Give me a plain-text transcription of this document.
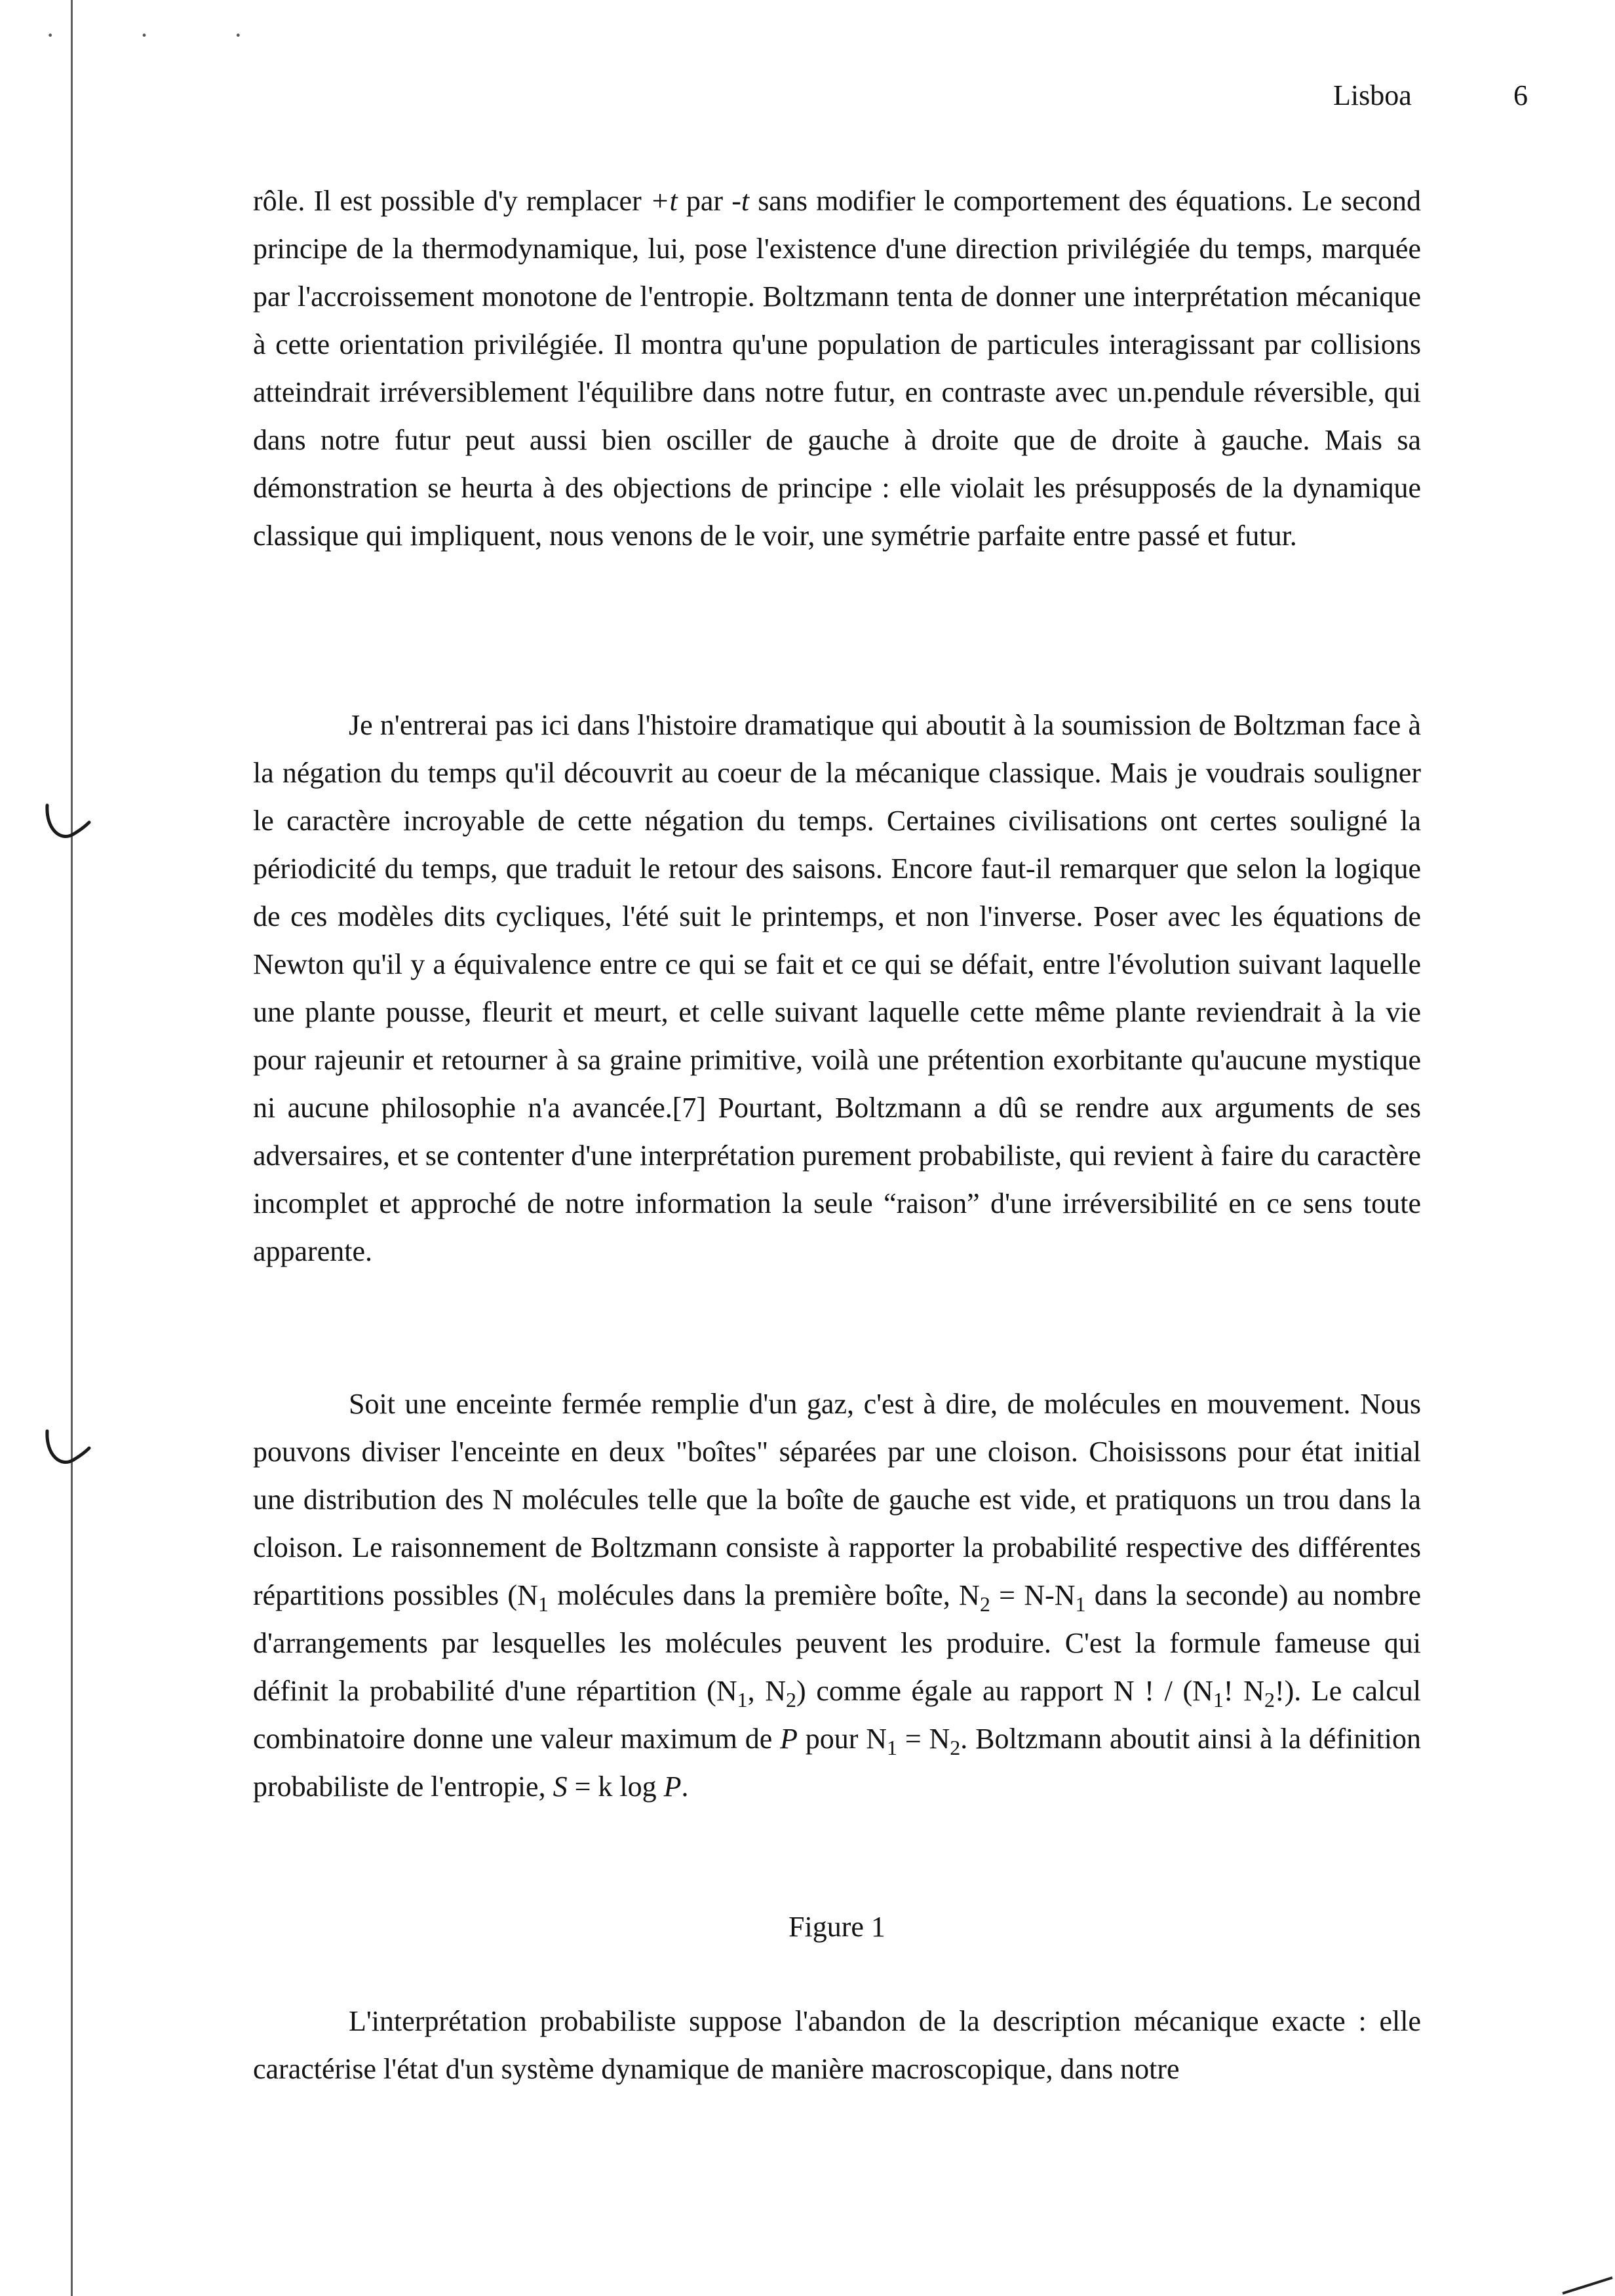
· · ·
Lisboa	6

rôle. Il est possible d'y remplacer +t par -t sans modifier le comportement des équations. Le second principe de la thermodynamique, lui, pose l'existence d'une direction privilégiée du temps, marquée par l'accroissement monotone de l'entropie. Boltzmann tenta de donner une interprétation mécanique à cette orientation privilégiée. Il montra qu'une population de particules interagissant par collisions atteindrait irréversiblement l'équilibre dans notre futur, en contraste avec un.pendule réversible, qui dans notre futur peut aussi bien osciller de gauche à droite que de droite à gauche. Mais sa démonstration se heurta à des objections de principe : elle violait les présupposés de la dynamique classique qui impliquent, nous venons de le voir, une symétrie parfaite entre passé et futur.

Je n'entrerai pas ici dans l'histoire dramatique qui aboutit à la soumission de Boltzman face à la négation du temps qu'il découvrit au coeur de la mécanique classique. Mais je voudrais souligner le caractère incroyable de cette négation du temps. Certaines civilisations ont certes souligné la périodicité du temps, que traduit le retour des saisons. Encore faut-il remarquer que selon la logique de ces modèles dits cycliques, l'été suit le printemps, et non l'inverse. Poser avec les équations de Newton qu'il y a équivalence entre ce qui se fait et ce qui se défait, entre l'évolution suivant laquelle une plante pousse, fleurit et meurt, et celle suivant laquelle cette même plante reviendrait à la vie pour rajeunir et retourner à sa graine primitive, voilà une prétention exorbitante qu'aucune mystique ni aucune philosophie n'a avancée.[7] Pourtant, Boltzmann a dû se rendre aux arguments de ses adversaires, et se contenter d'une interprétation purement probabiliste, qui revient à faire du caractère incomplet et approché de notre information la seule “raison” d'une irréversibilité en ce sens toute apparente.

Soit une enceinte fermée remplie d'un gaz, c'est à dire, de molécules en mouvement. Nous pouvons diviser l'enceinte en deux "boîtes" séparées par une cloison. Choisissons pour état initial une distribution des N molécules telle que la boîte de gauche est vide, et pratiquons un trou dans la cloison. Le raisonnement de Boltzmann consiste à rapporter la probabilité respective des différentes répartitions possibles ($N_1$ molécules dans la première boîte, $N_2 = N-N_1$ dans la seconde) au nombre d'arrangements par lesquelles les molécules peuvent les produire. C'est la formule fameuse qui définit la probabilité d'une répartition ($N_1$, $N_2$) comme égale au rapport N ! / ($N_1$! $N_2$!). Le calcul combinatoire donne une valeur maximum de P pour $N_1 = N_2$. Boltzmann aboutit ainsi à la définition probabiliste de l'entropie, S = k log P.

Figure 1

L'interprétation probabiliste suppose l'abandon de la description mécanique exacte : elle caractérise l'état d'un système dynamique de manière macroscopique, dans notre
